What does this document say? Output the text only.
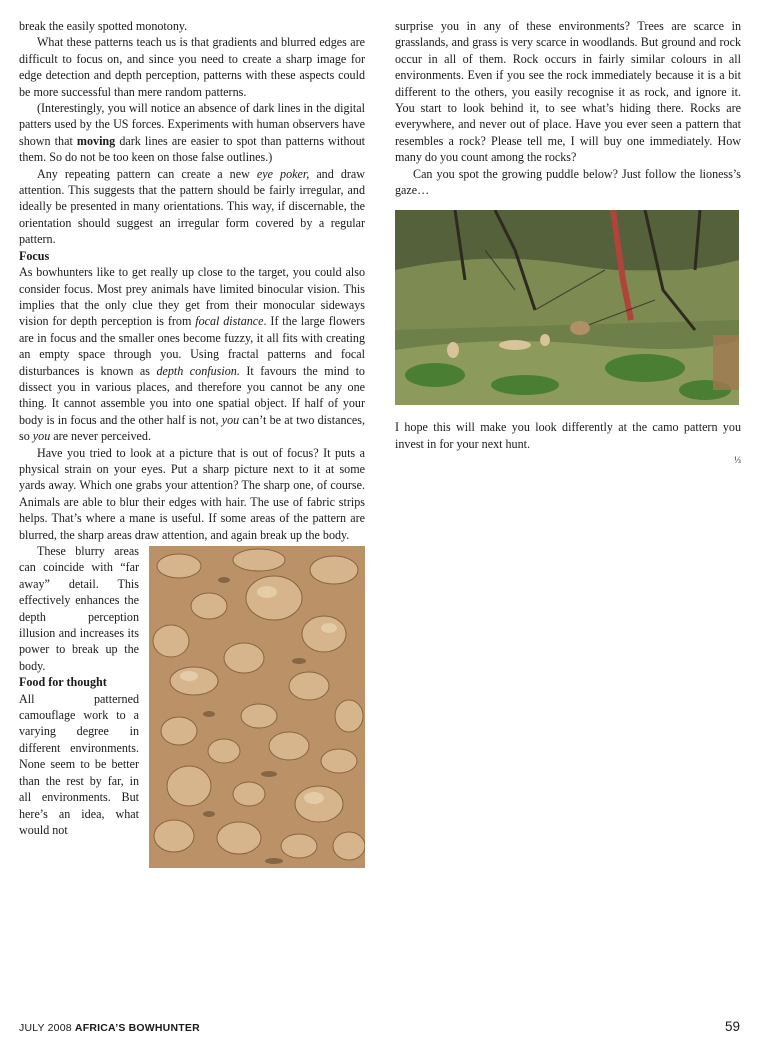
break the easily spotted monotony.

What these patterns teach us is that gradients and blurred edges are difficult to focus on, and since you need to create a sharp image for edge detection and depth perception, patterns with these aspects could be more successful than mere random patterns.

(Interestingly, you will notice an absence of dark lines in the digital patters used by the US forces. Experiments with human observers have shown that moving dark lines are easier to spot than patterns without them. So do not be too keen on those false outlines.)

Any repeating pattern can create a new eye poker, and draw attention. This suggests that the pattern should be fairly irregular, and ideally be presented in many orientations. This way, if discernable, the orientation should suggest an irregular form covered by a regular pattern.

Focus

As bowhunters like to get really up close to the target, you could also consider focus. Most prey animals have limited binocular vision. This implies that the only clue they get from their monocular sideways vision for depth perception is from focal distance. If the large flowers are in focus and the smaller ones become fuzzy, it all fits with creating an empty space through you. Using fractal patterns and focal disturbances is known as depth confusion. It favours the mind to dissect you in various places, and therefore you cannot be any one thing. It cannot assemble you into one spatial object. If half of your body is in focus and the other half is not, you can’t be at two distances, so you are never perceived.

Have you tried to look at a picture that is out of focus? It puts a physical strain on your eyes. Put a sharp picture next to it at some yards away. Which one grabs your attention? The sharp one, of course. Animals are able to blur their edges with hair. The use of fabric strips helps. That’s where a mane is useful. If some areas of the pattern are blurred, the sharp areas draw attention, and again break up the body.

These blurry areas can coincide with “far away” detail. This effectively enhances the depth perception illusion and increases its power to break up the body.

Food for thought

All patterned camouflage work to a varying degree in different environments. None seem to be better than the rest by far, in all environments. But here’s an idea, what would not

surprise you in any of these environments? Trees are scarce in grasslands, and grass is very scarce in woodlands. But ground and rock occur in all of them. Rock occurs in fairly similar colours in all environments. Even if you see the rock immediately because it is a bit different to the others, you easily recognise it as rock, and ignore it. You start to look behind it, to see what’s hiding there. Rocks are everywhere, and never out of place. Have you ever seen a pattern that resembles a rock? Please tell me, I will buy one immediately. How many do you count among the rocks?

Can you spot the growing puddle below? Just follow the lioness’s gaze…

I hope this will make you look differently at the camo pattern you invest in for your next hunt.

⅓
JULY 2008 AFRICA’S BOWHUNTER	59
